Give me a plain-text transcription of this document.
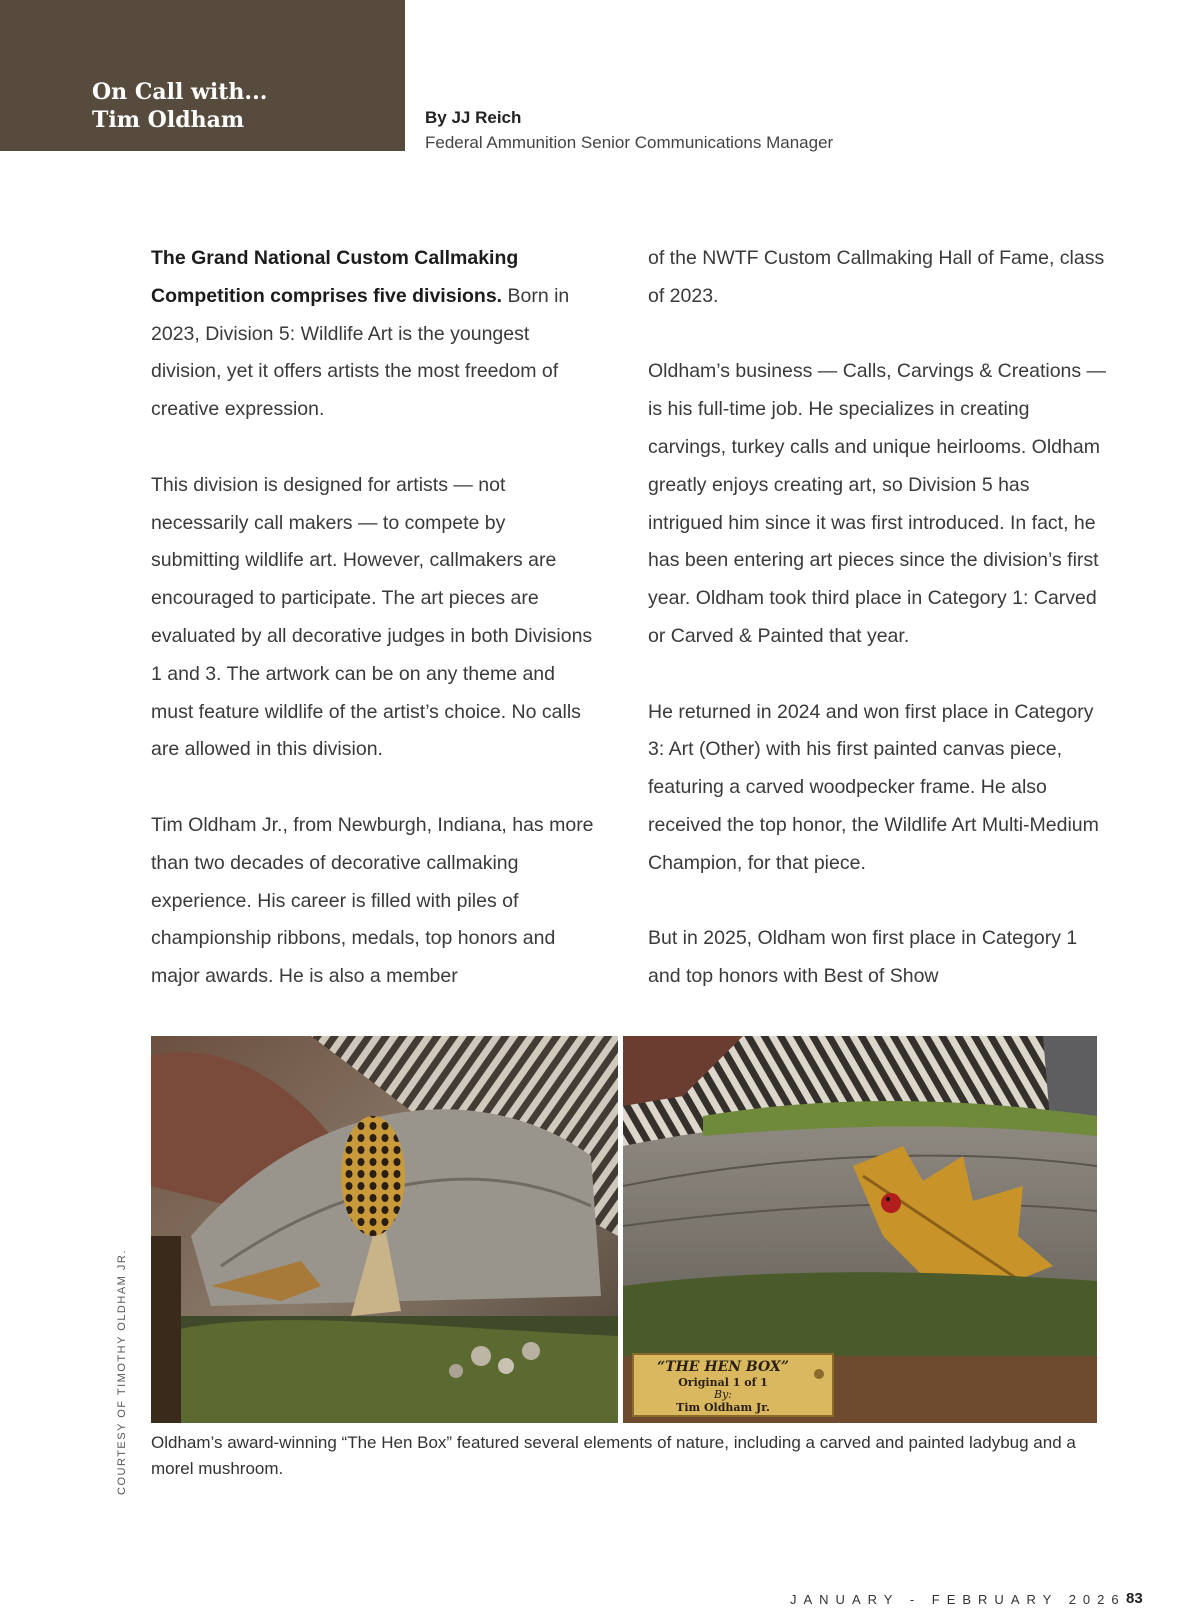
On Call with...
Tim Oldham	By JJ Reich
Federal Ammunition Senior Communications Manager

The Grand National Custom Callmaking Competition comprises five divisions. Born in 2023, Division 5: Wildlife Art is the youngest division, yet it offers artists the most freedom of creative expression.

This division is designed for artists — not necessarily call makers — to compete by submitting wildlife art. However, callmakers are encouraged to participate. The art pieces are evaluated by all decorative judges in both Divisions 1 and 3. The artwork can be on any theme and must feature wildlife of the artist’s choice. No calls are allowed in this division.

Tim Oldham Jr., from Newburgh, Indiana, has more than two decades of decorative callmaking experience. His career is filled with piles of championship ribbons, medals, top honors and major awards. He is also a member

of the NWTF Custom Callmaking Hall of Fame, class of 2023.

Oldham’s business — Calls, Carvings & Creations — is his full-time job. He specializes in creating carvings, turkey calls and unique heirlooms. Oldham greatly enjoys creating art, so Division 5 has intrigued him since it was first introduced. In fact, he has been entering art pieces since the division’s first year. Oldham took third place in Category 1: Carved or Carved & Painted that year.

He returned in 2024 and won first place in Category 3: Art (Other) with his first painted canvas piece, featuring a carved woodpecker frame. He also received the top honor, the Wildlife Art Multi-Medium Champion, for that piece.

But in 2025, Oldham won first place in Category 1 and top honors with Best of Show

“THE HEN BOX”
Original 1 of 1
By:
Tim Oldham Jr.
Oldham’s award-winning “The Hen Box” featured several elements of nature, including a carved and painted ladybug and a morel mushroom.
COURTESY OF TIMOTHY OLDHAM JR.
JANUARY - FEBRUARY 2026 83
